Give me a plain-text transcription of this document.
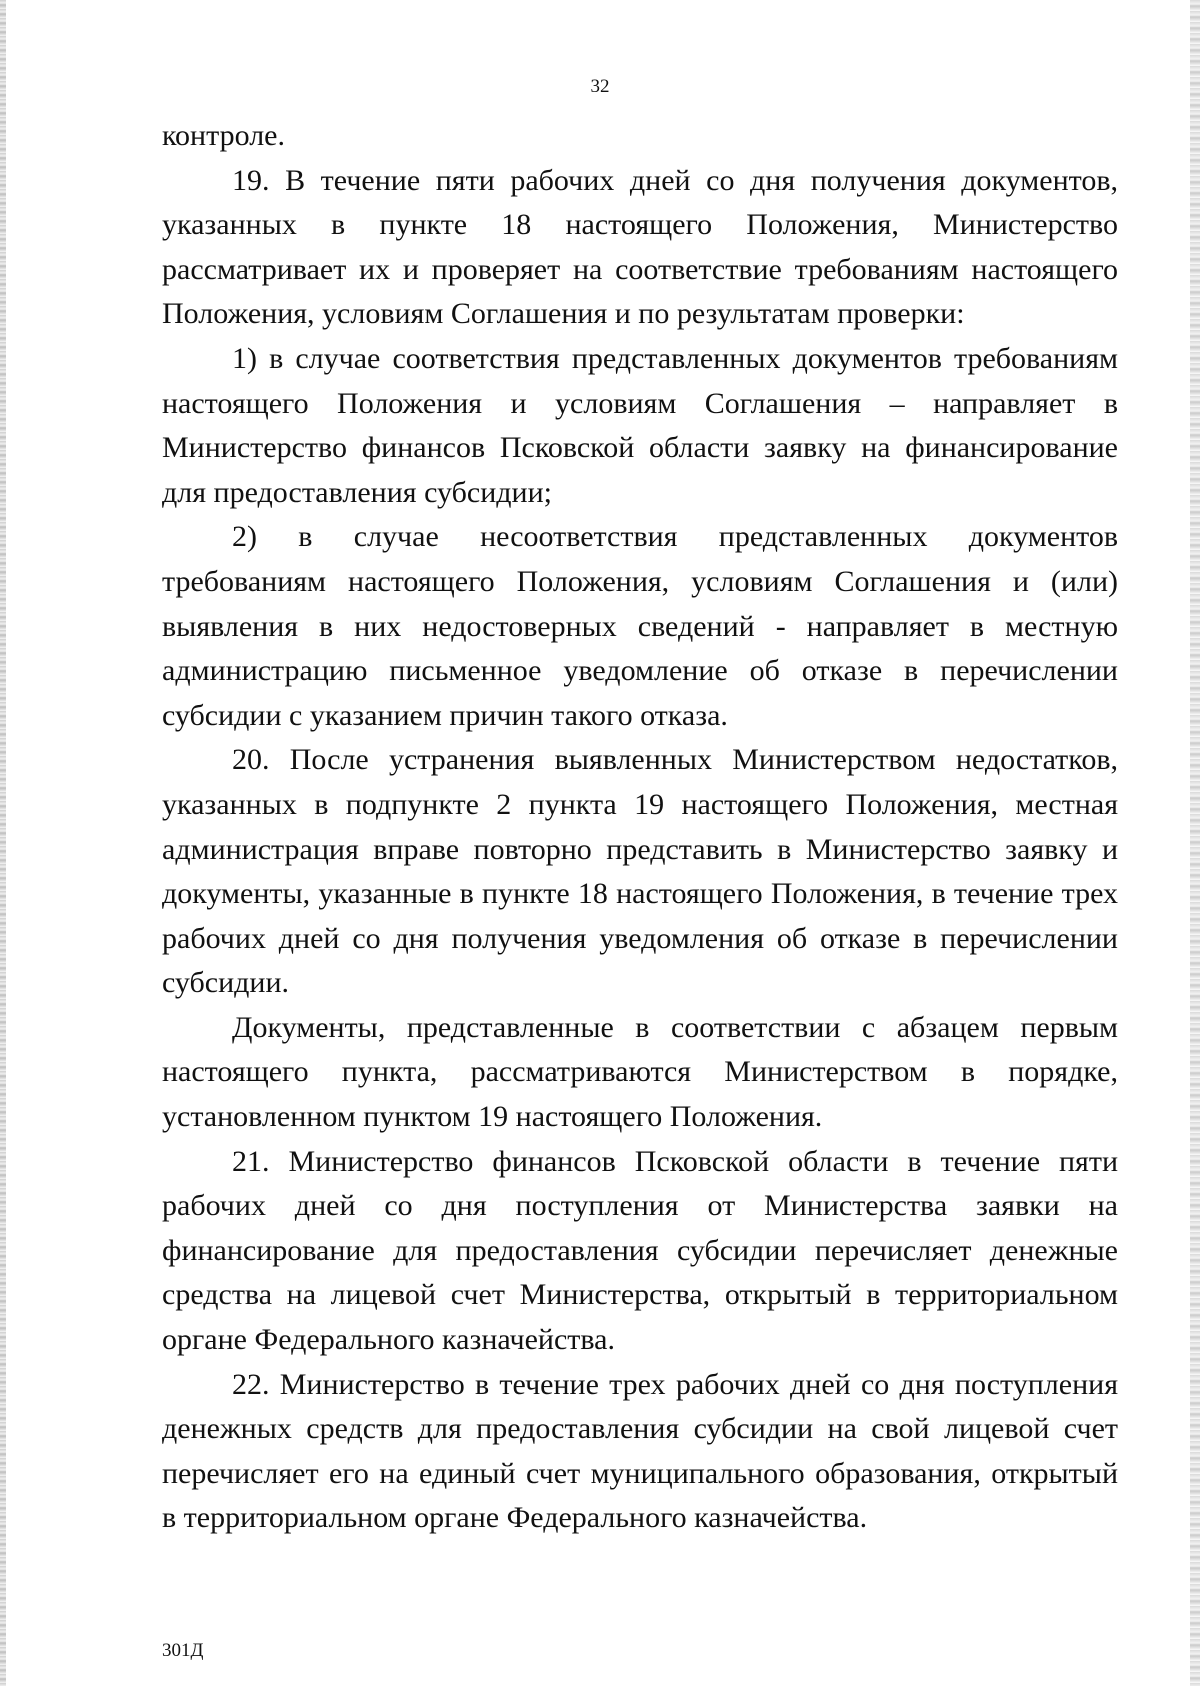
32

контроле.

19. В течение пяти рабочих дней со дня получения документов, указанных в пункте 18 настоящего Положения, Министерство рассматривает их и проверяет на соответствие требованиям настоящего Положения, условиям Соглашения и по результатам проверки:

1) в случае соответствия представленных документов требованиям настоящего Положения и условиям Соглашения – направляет в Министерство финансов Псковской области заявку на финансирование для предоставления субсидии;

2) в случае несоответствия представленных документов требованиям настоящего Положения, условиям Соглашения и (или) выявления в них недостоверных сведений - направляет в местную администрацию письменное уведомление об отказе в перечислении субсидии с указанием причин такого отказа.

20. После устранения выявленных Министерством недостатков, указанных в подпункте 2 пункта 19 настоящего Положения, местная администрация вправе повторно представить в Министерство заявку и документы, указанные в пункте 18 настоящего Положения, в течение трех рабочих дней со дня получения уведомления об отказе в перечислении субсидии.

Документы, представленные в соответствии с абзацем первым настоящего пункта, рассматриваются Министерством в порядке, установленном пунктом 19 настоящего Положения.

21. Министерство финансов Псковской области в течение пяти рабочих дней со дня поступления от Министерства заявки на финансирование для предоставления субсидии перечисляет денежные средства на лицевой счет Министерства, открытый в территориальном органе Федерального казначейства.

22. Министерство в течение трех рабочих дней со дня поступления денежных средств для предоставления субсидии на свой лицевой счет перечисляет его на единый счет муниципального образования, открытый в территориальном органе Федерального казначейства.

301Д
